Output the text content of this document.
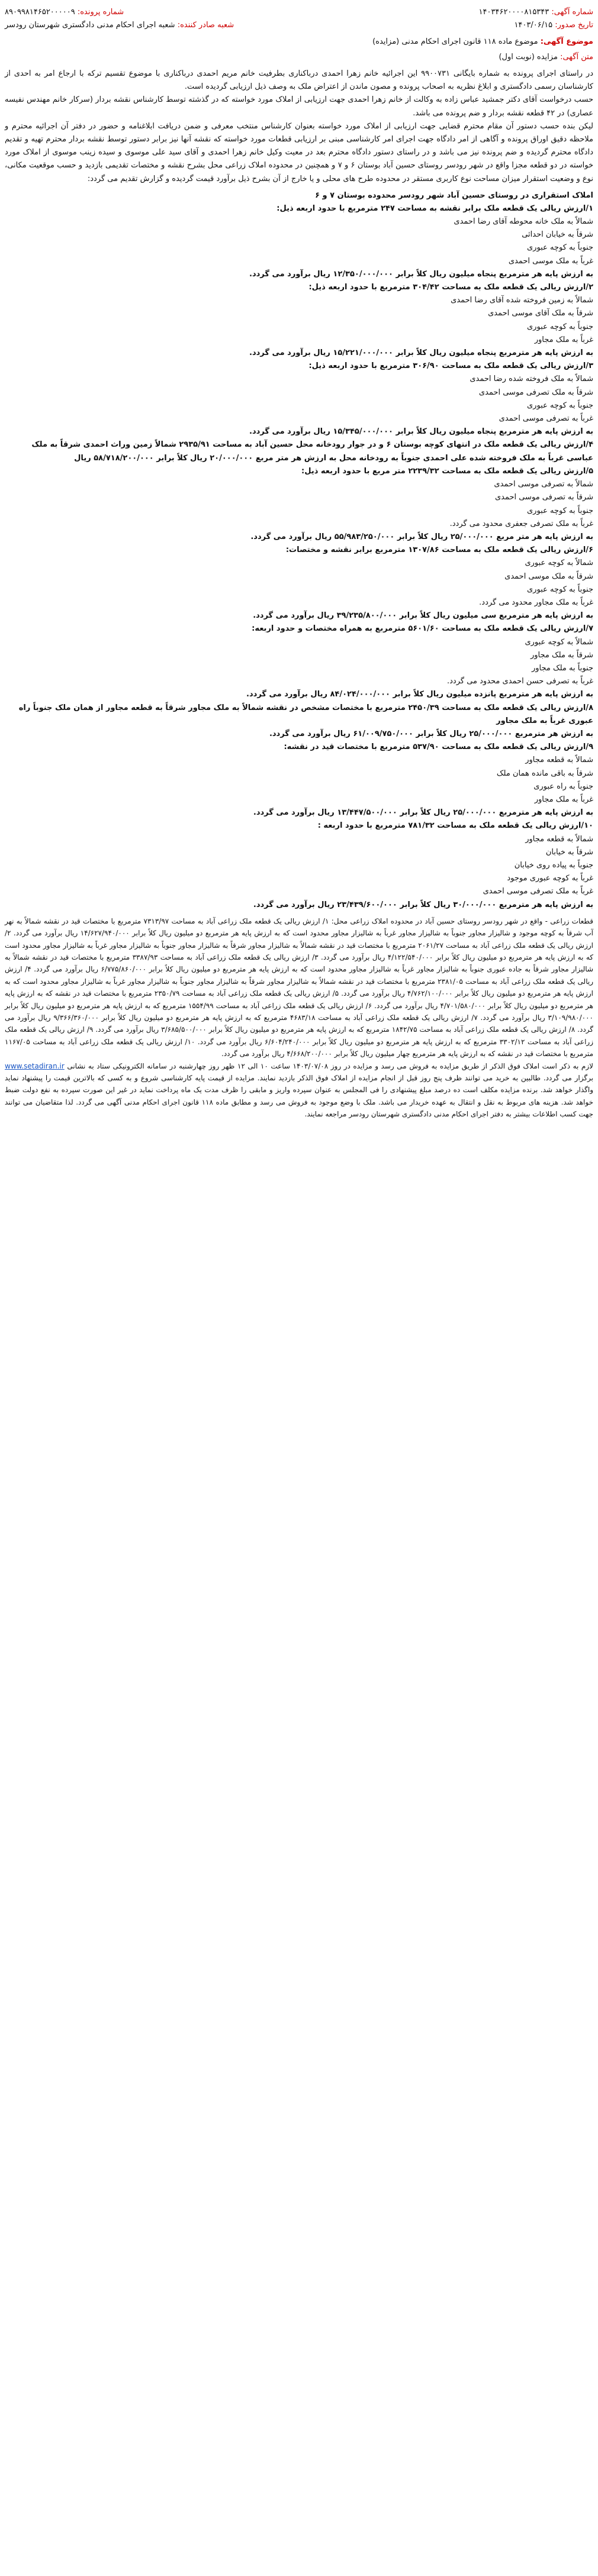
شماره آگهی: ۱۴۰۳۴۶۲۰۰۰۰۸۱۵۳۴۳
تاریخ صدور: ۱۴۰۳/۰۶/۱۵
شماره پرونده: ۸۹۰۹۹۸۱۴۶۵۲۰۰۰۰۰۹
شعبه صادر کننده: شعبه اجرای احکام مدنی دادگستری شهرستان رودسر
موضوع آگهی: موضوع ماده ۱۱۸ قانون اجرای احکام مدنی (مزایده)
متن آگهی: مزایده (نوبت اول)

در راستای اجرای پرونده به شماره بایگانی ۹۹۰۰۷۳۱ این اجرائیه خانم زهرا احمدی درباکناری بطرفیت خانم مریم احمدی درباکناری با موضوع تقسیم ترکه با ارجاع امر به احدی از کارشناسان رسمی دادگستری و ابلاغ نظریه به اصحاب پرونده و مصون ماندن از اعتراض ملک به وصف ذیل ارزیابی گردیده است.

حسب درخواست آقای دکتر جمشید عباس زاده به وکالت از خانم زهرا احمدی جهت ارزیابی از املاک مورد خواسته که در گذشته توسط کارشناس نقشه بردار (سرکار خانم مهندس نفیسه عصاری) در ۴۲ قطعه نقشه بردار و ضم پرونده می باشد.

لیکن بنده حسب دستور آن مقام محترم قضایی جهت ارزیابی از املاک مورد خواسته بعنوان کارشناس منتخب معرفی و ضمن دریافت ابلاغنامه و حضور در دفتر آن اجرائیه محترم و ملاحظه دقیق اوراق پرونده و آگاهی از امر دادگاه جهت اجرای امر کارشناسی مبنی بر ارزیابی قطعات مورد خواسته که نقشه آنها نیز برابر دستور توسط نقشه بردار محترم تهیه و تقدیم دادگاه محترم گردیده و ضم پرونده نیز می باشد و در راستای دستور دادگاه محترم بعد در معیت وکیل خانم زهرا احمدی و آقای سید علی موسوی و سیده زینب موسوی از املاک مورد خواسته در دو قطعه مجزا واقع در شهر رودسر روستای حسین آباد بوستان ۶ و ۷ و همچنین در محدوده املاک زراعی محل بشرح نقشه و مختصات تقدیمی بازدید و حسب موقعیت مکانی، نوع و وضعیت استقرار میزان مساحت نوع کاربری مستقر در محدوده طرح های محلی و یا خارج از آن بشرح ذیل برآورد قیمت گردیده و گزارش تقدیم می گردد:

املاک استقراری در روستای حسین آباد شهر رودسر محدوده بوستان ۷ و ۶

۱/ارزش ریالی یک قطعه ملک برابر نقشه به مساحت ۲۴۷ مترمربع با حدود اربعه ذیل:

شمالاً به ملک خانه محوطه آقای رضا احمدی

شرقاً به خیابان احداثی

جنوباً به کوچه عبوری

غرباً به ملک موسی احمدی

به ارزش پایه هر مترمربع پنجاه میلیون ریال کلاً برابر ۱۲/۳۵۰/۰۰۰/۰۰۰ ریال برآورد می گردد.

۲/ارزش ریالی یک قطعه ملک به مساحت ۳۰۴/۴۲ مترمربع با حدود اربعه ذیل:

شمالاً به زمین فروخته شده آقای رضا احمدی

شرقاً به ملک آقای موسی احمدی

جنوباً به کوچه عبوری

غرباً به ملک مجاور

به ارزش پایه هر مترمربع پنجاه میلیون ریال کلاً برابر ۱۵/۲۲۱/۰۰۰/۰۰۰ ریال برآورد می گردد.

۳/ارزش ریالی یک قطعه ملک به مساحت ۳۰۶/۹۰ مترمربع با حدود اربعه ذیل:

شمالاً به ملک فروخته شده رضا احمدی

شرقاً به ملک تصرفی موسی احمدی

جنوباً به کوچه عبوری

غرباً به تصرفی موسی احمدی

به ارزش پایه هر مترمربع پنجاه میلیون ریال کلاً برابر ۱۵/۳۴۵/۰۰۰/۰۰۰ ریال برآورد می گردد.

۴/ارزش ریالی یک قطعه ملک در انتهای کوچه بوستان ۶ و در جوار رودخانه محل حسین آباد به مساحت ۲۹۳۵/۹۱ شمالاً زمین وراث احمدی شرقاً به ملک عباسی غرباً به ملک فروخته شده علی احمدی جنوباً به رودخانه محل به ارزش هر متر مربع ۲۰/۰۰۰/۰۰۰ ریال کلاً برابر ۵۸/۷۱۸/۲۰۰/۰۰۰ ریال

۵/ارزش ریالی یک قطعه ملک به مساحت ۲۲۳۹/۳۲ متر مربع با حدود اربعه ذیل:

شمالاً به تصرفی موسی احمدی

شرقاً به تصرفی موسی احمدی

جنوباً به کوچه عبوری

غرباً به ملک تصرفی جعفری محدود می گردد.

به ارزش پایه هر متر مربع ۲۵/۰۰۰/۰۰۰ ریال کلاً برابر ۵۵/۹۸۳/۲۵۰/۰۰۰ ریال برآورد می گردد.

۶/ارزش ریالی یک قطعه ملک به مساحت ۱۳۰۷/۸۶ مترمربع برابر نقشه و مختصات:

شمالاً به کوچه عبوری

شرقاً به ملک موسی احمدی

جنوباً به کوچه عبوری

غرباً به ملک مجاور محدود می گردد.

به ارزش پایه هر مترمربع سی میلیون ریال کلاً برابر ۳۹/۲۳۵/۸۰۰/۰۰۰ ریال برآورد می گردد.

۷/ارزش ریالی یک قطعه ملک به مساحت ۵۶۰۱/۶۰ مترمربع به همراه مختصات و حدود اربعه:

شمالاً به کوچه عبوری

شرقاً به ملک مجاور

جنوباً به ملک مجاور

غرباً به تصرفی حسن احمدی محدود می گردد.

به ارزش پایه هر مترمربع پانزده میلیون ریال کلاً برابر ۸۴/۰۲۴/۰۰۰/۰۰۰ ریال برآورد می گردد.

۸/ارزش ریالی یک قطعه ملک به مساحت ۲۴۵۰/۳۹ مترمربع با مختصات مشخص در نقشه شمالاً به ملک مجاور شرقاً به قطعه مجاور از همان ملک جنوباً راه عبوری غرباً به ملک مجاور

به ارزش هر مترمربع ۲۵/۰۰۰/۰۰۰ ریال کلاً برابر ۶۱/۰۰۹/۷۵۰/۰۰۰ ریال برآورد می گردد.

۹/ارزش ریالی یک قطعه ملک به مساحت ۵۳۷/۹۰ مترمربع با مختصات قید در نقشه:

شمالاً به قطعه مجاور

شرقاً به باقی مانده همان ملک

جنوباً به راه عبوری

غرباً به ملک مجاور

به ارزش پایه هر مترمربع ۲۵/۰۰۰/۰۰۰ ریال کلاً برابر ۱۳/۴۴۷/۵۰۰/۰۰۰ ریال برآورد می گردد.

۱۰/ارزش ریالی یک قطعه ملک به مساحت ۷۸۱/۳۲ مترمربع با حدود اربعه :

شمالاً به قطعه مجاور

شرقاً به خیابان

جنوباً به پیاده روی خیابان

غرباً به کوچه عبوری موجود

غرباً به ملک تصرفی موسی احمدی

به ارزش پایه هر مترمربع ۳۰/۰۰۰/۰۰۰ ریال کلاً برابر ۲۳/۴۳۹/۶۰۰/۰۰۰ ریال برآورد می گردد.

قطعات زراعی - واقع در شهر رودسر روستای حسین آباد در محدوده املاک زراعی محل: ۱/ ارزش ریالی یک قطعه ملک زراعی آباد به مساحت ۷۳۱۳/۹۷ مترمربع با مختصات قید در نقشه شمالاً به نهر آب شرقاً به کوچه موجود و شالیزار مجاور جنوباً به شالیزار مجاور غرباً به شالیزار مجاور محدود است که به ارزش پایه هر مترمربع دو میلیون ریال کلاً برابر ۱۴/۶۲۷/۹۴۰/۰۰۰ ریال برآورد می گردد. ۲/ ارزش ریالی یک قطعه ملک زراعی آباد به مساحت ۲۰۶۱/۲۷ مترمربع با مختصات قید در نقشه شمالاً به شالیزار مجاور شرقاً به شالیزار مجاور جنوباً به شالیزار مجاور غرباً به شالیزار مجاور محدود است که به ارزش پایه هر مترمربع دو میلیون ریال کلاً برابر ۴/۱۲۲/۵۴۰/۰۰۰ ریال برآورد می گردد. ۳/ ارزش ریالی یک قطعه ملک زراعی آباد به مساحت ۳۳۸۷/۹۳ مترمربع با مختصات قید در نقشه شمالاً به شالیزار مجاور شرقاً به جاده عبوری جنوباً به شالیزار مجاور غرباً به شالیزار مجاور محدود است که به ارزش پایه هر مترمربع دو میلیون ریال کلاً برابر ۶/۷۷۵/۸۶۰/۰۰۰ ریال برآورد می گردد. ۴/ ارزش ریالی یک قطعه ملک زراعی آباد به مساحت ۲۳۸۱/۰۵ مترمربع با مختصات قید در نقشه شمالاً به شالیزار مجاور شرقاً به شالیزار مجاور جنوباً به شالیزار مجاور غرباً به شالیزار مجاور محدود است که به ارزش پایه هر مترمربع دو میلیون ریال کلاً برابر ۴/۷۶۲/۱۰۰/۰۰۰ ریال برآورد می گردد. ۵/ ارزش ریالی یک قطعه ملک زراعی آباد به مساحت ۲۳۵۰/۷۹ مترمربع با مختصات قید در نقشه که به ارزش پایه هر مترمربع دو میلیون ریال کلاً برابر ۴/۷۰۱/۵۸۰/۰۰۰ ریال برآورد می گردد. ۶/ ارزش ریالی یک قطعه ملک زراعی آباد به مساحت ۱۵۵۴/۹۹ مترمربع که به ارزش پایه هر مترمربع دو میلیون ریال کلاً برابر ۳/۱۰۹/۹۸۰/۰۰۰ ریال برآورد می گردد. ۷/ ارزش ریالی یک قطعه ملک زراعی آباد به مساحت ۴۶۸۳/۱۸ مترمربع که به ارزش پایه هر مترمربع دو میلیون ریال کلاً برابر ۹/۳۶۶/۳۶۰/۰۰۰ ریال برآورد می گردد. ۸/ ارزش ریالی یک قطعه ملک زراعی آباد به مساحت ۱۸۴۲/۷۵ مترمربع که به ارزش پایه هر مترمربع دو میلیون ریال کلاً برابر ۳/۶۸۵/۵۰۰/۰۰۰ ریال برآورد می گردد. ۹/ ارزش ریالی یک قطعه ملک زراعی آباد به مساحت ۳۳۰۲/۱۲ مترمربع که به ارزش پایه هر مترمربع دو میلیون ریال کلاً برابر ۶/۶۰۴/۲۴۰/۰۰۰ ریال برآورد می گردد. ۱۰/ ارزش ریالی یک قطعه ملک زراعی آباد به مساحت ۱۱۶۷/۰۵ مترمربع با مختصات قید در نقشه که به ارزش پایه هر مترمربع چهار میلیون ریال کلاً برابر ۴/۶۶۸/۲۰۰/۰۰۰ ریال برآورد می گردد.

لازم به ذکر است املاک فوق الذکر از طریق مزایده به فروش می رسد و مزایده در روز ۱۴۰۳/۰۷/۰۸ ساعت ۱۰ الی ۱۲ ظهر روز چهارشنبه در سامانه الکترونیکی ستاد به نشانی www.setadiran.ir برگزار می گردد. طالبین به خرید می توانند ظرف پنج روز قبل از انجام مزایده از املاک فوق الذکر بازدید نمایند. مزایده از قیمت پایه کارشناسی شروع و به کسی که بالاترین قیمت را پیشنهاد نماید واگذار خواهد شد. برنده مزایده مکلف است ده درصد مبلغ پیشنهادی را فی المجلس به عنوان سپرده واریز و مابقی را ظرف مدت یک ماه پرداخت نماید در غیر این صورت سپرده به نفع دولت ضبط خواهد شد. هزینه های مربوط به نقل و انتقال به عهده خریدار می باشد. ملک با وضع موجود به فروش می رسد و مطابق ماده ۱۱۸ قانون اجرای احکام مدنی آگهی می گردد. لذا متقاضیان می توانند جهت کسب اطلاعات بیشتر به دفتر اجرای احکام مدنی دادگستری شهرستان رودسر مراجعه نمایند.
